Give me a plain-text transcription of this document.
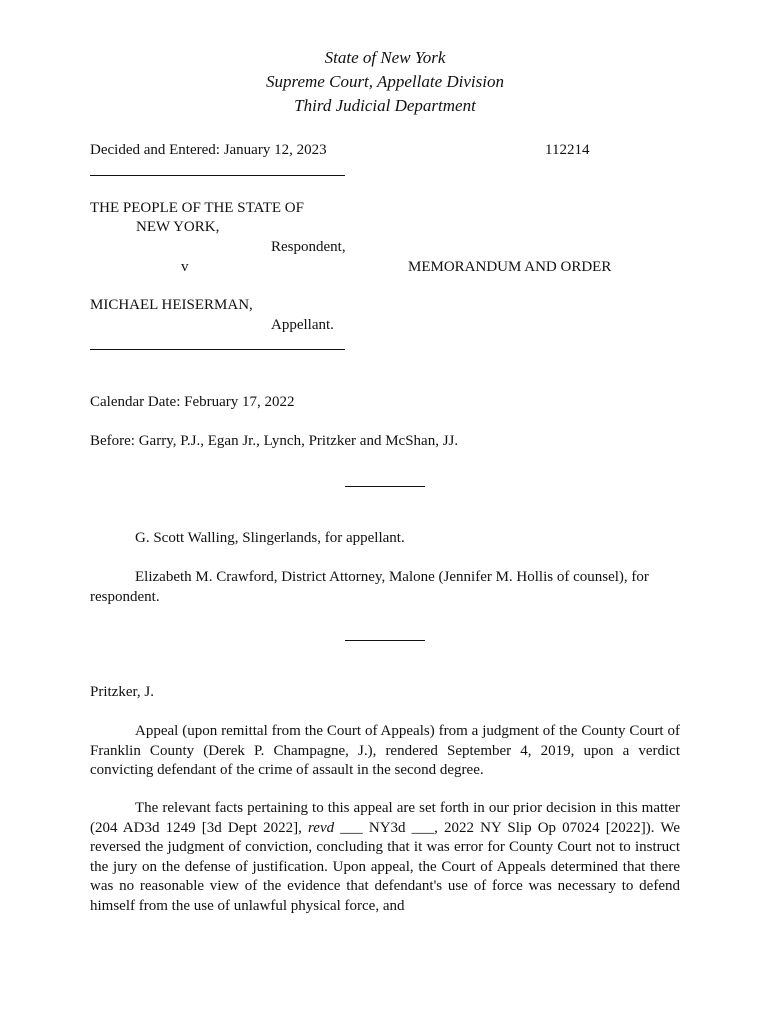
State of New York
Supreme Court, Appellate Division
Third Judicial Department
Decided and Entered: January 12, 2023	112214
THE PEOPLE OF THE STATE OF
NEW YORK,
Respondent,
v	MEMORANDUM AND ORDER
MICHAEL HEISERMAN,
Appellant.
Calendar Date: February 17, 2022
Before: Garry, P.J., Egan Jr., Lynch, Pritzker and McShan, JJ.
G. Scott Walling, Slingerlands, for appellant.
Elizabeth M. Crawford, District Attorney, Malone (Jennifer M. Hollis of counsel), for respondent.
Pritzker, J.
Appeal (upon remittal from the Court of Appeals) from a judgment of the County Court of Franklin County (Derek P. Champagne, J.), rendered September 4, 2019, upon a verdict convicting defendant of the crime of assault in the second degree.
The relevant facts pertaining to this appeal are set forth in our prior decision in this matter (204 AD3d 1249 [3d Dept 2022], revd ___ NY3d ___, 2022 NY Slip Op 07024 [2022]). We reversed the judgment of conviction, concluding that it was error for County Court not to instruct the jury on the defense of justification. Upon appeal, the Court of Appeals determined that there was no reasonable view of the evidence that defendant's use of force was necessary to defend himself from the use of unlawful physical force, and
